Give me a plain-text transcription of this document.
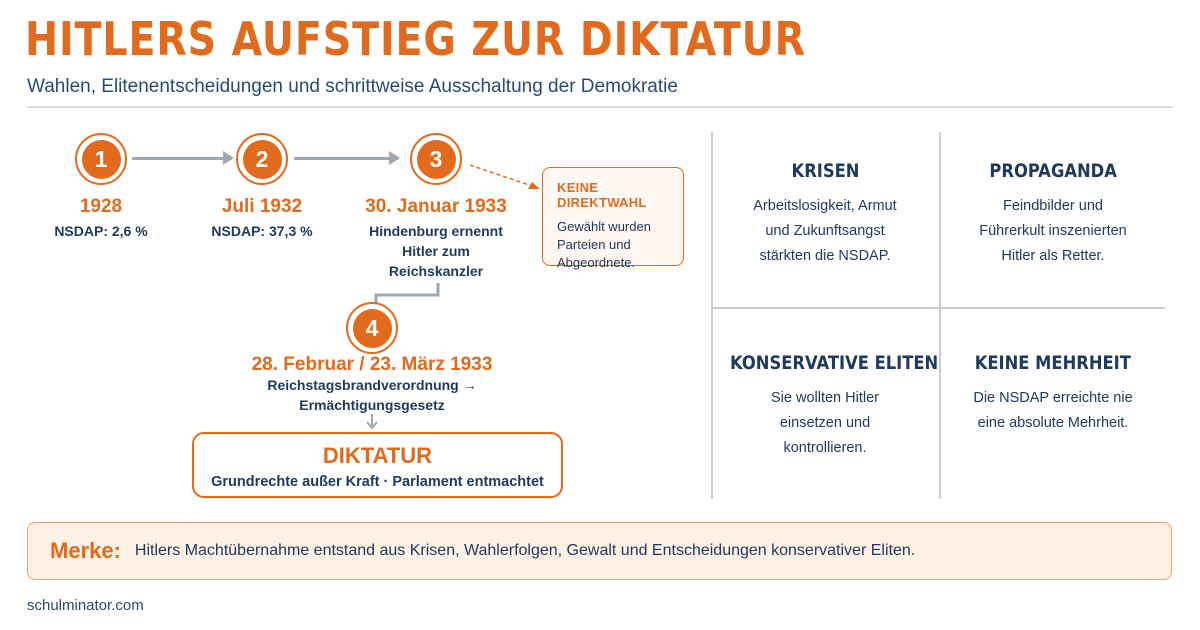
HITLERS AUFSTIEG ZUR DIKTATUR
Wahlen, Elitenentscheidungen und schrittweise Ausschaltung der Demokratie
1
1928
NSDAP: 2,6 %
2
Juli 1932
NSDAP: 37,3 %
3
30. Januar 1933
Hindenburg ernennt Hitler zum Reichskanzler
KEINE DIREKTWAHL
Gewählt wurden Parteien und Abgeordnete.
4
28. Februar / 23. März 1933
Reichstagsbrandverordnung → Ermächtigungsgesetz
DIKTATUR
Grundrechte außer Kraft · Parlament entmachtet
KRISEN
Arbeitslosigkeit, Armut und Zukunftsangst stärkten die NSDAP.
PROPAGANDA
Feindbilder und Führerkult inszenierten Hitler als Retter.
KONSERVATIVE ELITEN
Sie wollten Hitler einsetzen und kontrollieren.
KEINE MEHRHEIT
Die NSDAP erreichte nie eine absolute Mehrheit.
Merke: Hitlers Machtübernahme entstand aus Krisen, Wahlerfolgen, Gewalt und Entscheidungen konservativer Eliten.
schulminator.com
